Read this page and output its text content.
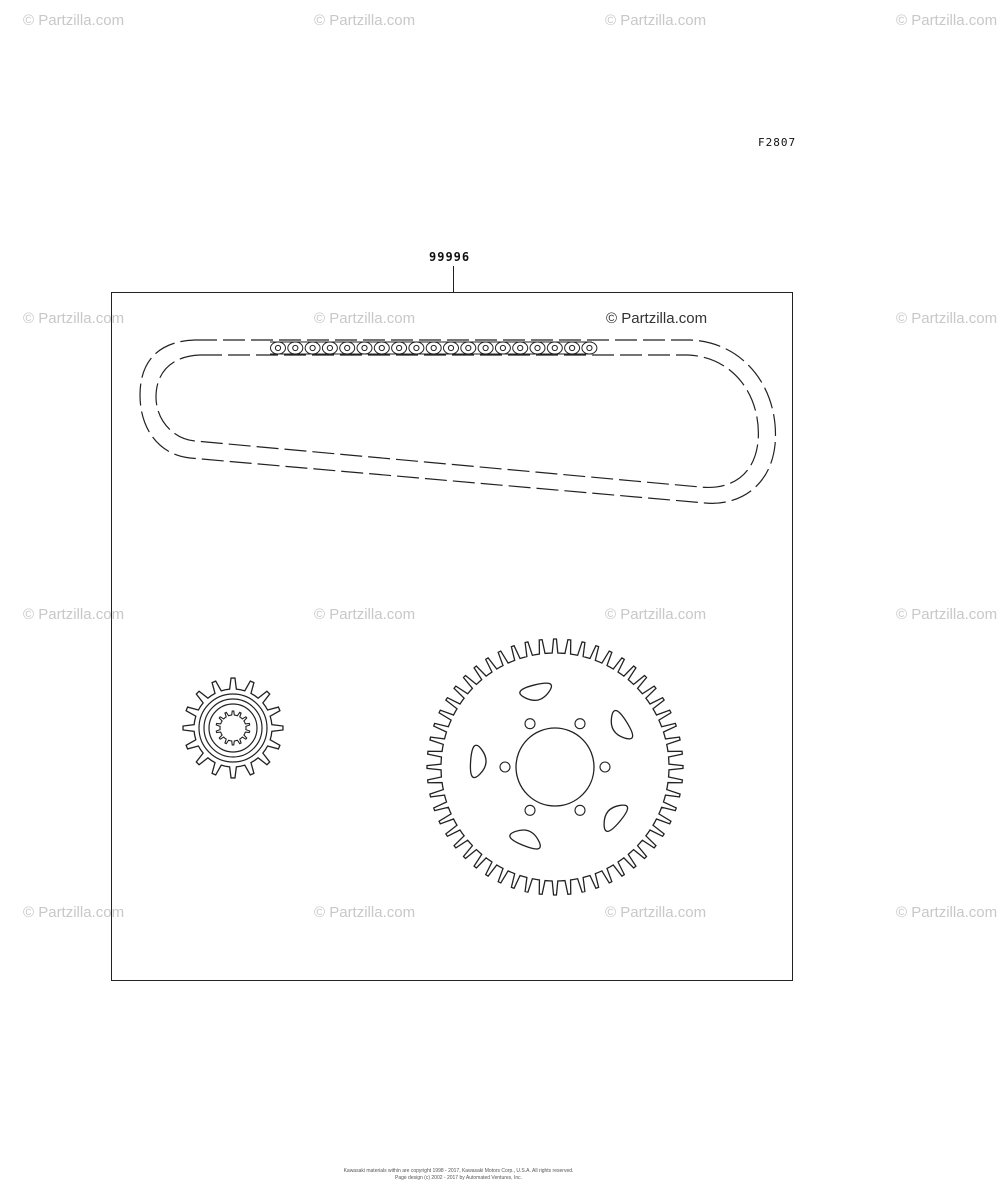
© Partzilla.com	© Partzilla.com	© Partzilla.com	© Partzilla.com
© Partzilla.com	© Partzilla.com	© Partzilla.com
© Partzilla.com	© Partzilla.com	© Partzilla.com	© Partzilla.com
© Partzilla.com	© Partzilla.com	© Partzilla.com	© Partzilla.com
F2807
99996
© Partzilla.com
Kawasaki materials within are copyright 1998 - 2017, Kawasaki Motors Corp., U.S.A. All rights reserved.
Page design (c) 2002 - 2017 by Automated Ventures, Inc.
